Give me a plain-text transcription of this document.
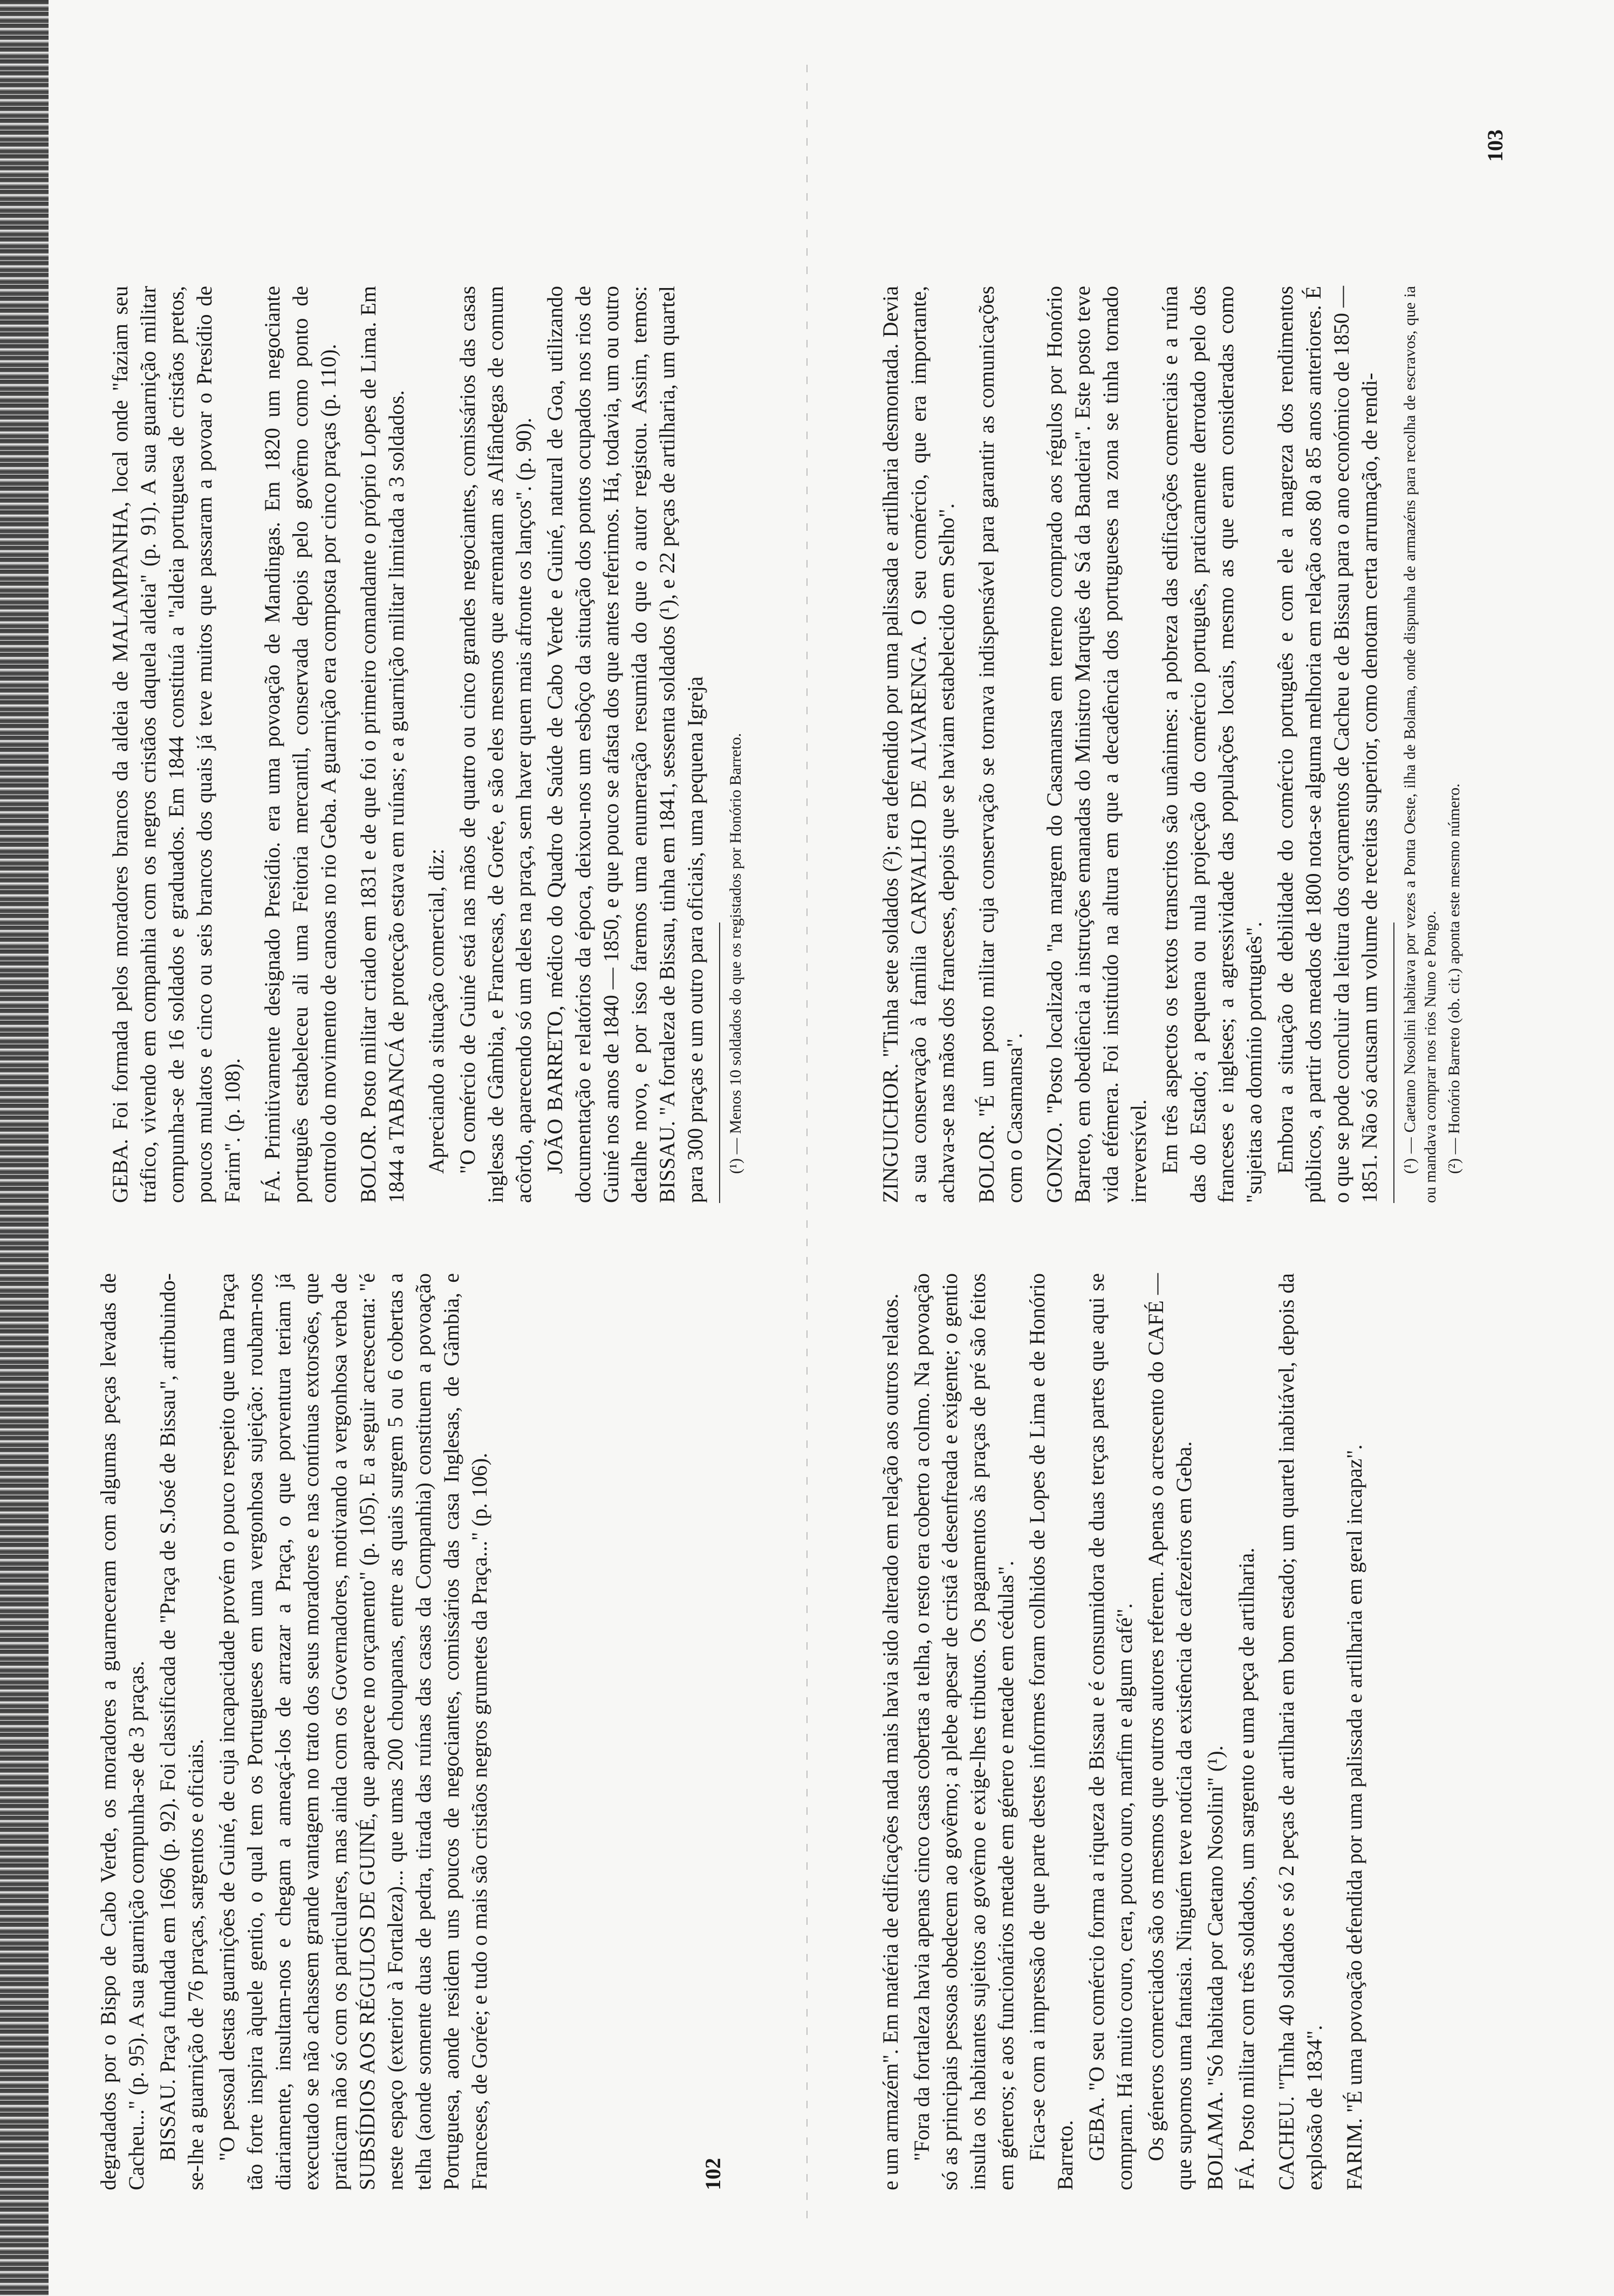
degradados por o Bispo de Cabo Verde, os moradores a guarneceram com algumas peças levadas de Cacheu..." (p. 95). A sua guarnição compunha-se de 3 praças. BISSAU. Praça fundada em 1696 (p. 92). Foi classificada de "Praça de S.José de Bissau", atribuindo-se-lhe a guarnição de 76 praças, sargentos e oficiais. "O pessoal destas guarnições de Guiné, de cuja incapacidade provém o pouco respeito que uma Praça tão forte inspira àquele gentio, o qual tem os Portugueses em uma vergonhosa sujeição: roubam-nos diariamente, insultam-nos e chegam a ameaçá-los de arrazar a Praça, o que porventura teriam já executado se não achassem grande vantagem no trato dos seus moradores e nas contínuas extorsões, que praticam não só com os particulares, mas ainda com os Governadores, motivando a vergonhosa verba de SUBSÍDIOS AOS RÉGULOS DE GUINÉ, que aparece no orçamento" (p. 105). E a seguir acrescenta: "é neste espaço (exterior à Fortaleza)... que umas 200 choupanas, entre as quais surgem 5 ou 6 cobertas a telha (aonde somente duas de pedra, tirada das ruínas das casas da Companhia) constituem a povoação Portuguesa, aonde residem uns poucos de negociantes, comissários das casa Inglesas, de Gâmbia, e Franceses, de Gorée; e tudo o mais são cristãos negros grumetes da Praça..." (p. 106).

GEBA. Foi formada pelos moradores brancos da aldeia de MALAMPANHA, local onde "faziam seu tráfico, vivendo em companhia com os negros cristãos daquela aldeia" (p. 91). A sua guarnição militar compunha-se de 16 soldados e graduados. Em 1844 constituía a "aldeia portuguesa de cristãos pretos, poucos mulatos e cinco ou seis brancos dos quais já teve muitos que passaram a povoar o Presídio de Farim". (p. 108). FÁ. Primitivamente designado Presídio. era uma povoação de Mandingas. Em 1820 um negociante português estabeleceu ali uma Feitoria mercantil, conservada depois pelo govêrno como ponto de controlo do movimento de canoas no rio Geba. A guarnição era composta por cinco praças (p. 110). BOLOR. Posto militar criado em 1831 e de que foi o primeiro comandante o próprio Lopes de Lima. Em 1844 a TABANCÁ de protecção estava em ruínas; e a guarnição militar limitada a 3 soldados. Apreciando a situação comercial, diz: "O comércio de Guiné está nas mãos de quatro ou cinco grandes negociantes, comissários das casas inglesas de Gâmbia, e Francesas, de Gorée, e são eles mesmos que arrematam as Alfândegas de comum acôrdo, aparecendo só um deles na praça, sem haver quem mais afronte os lanços". (p. 90). JOÃO BARRETO, médico do Quadro de Saúde de Cabo Verde e Guiné, natural de Goa, utilizando documentação e relatórios da época, deixou-nos um esbôço da situação dos pontos ocupados nos rios de Guiné nos anos de 1840 — 1850, e que pouco se afasta dos que antes referimos. Há, todavia, um ou outro detalhe novo, e por isso faremos uma enumeração resumida do que o autor registou. Assim, temos: BISSAU. "A fortaleza de Bissau, tinha em 1841, sessenta soldados (¹), e 22 peças de artilharia, um quartel para 300 praças e um outro para oficiais, uma pequena Igreja (¹) — Menos 10 soldados do que os registados por Honório Barreto.

102	e um armazém". Em matéria de edificações nada mais havia sido alterado em relação aos outros relatos. "Fora da fortaleza havia apenas cinco casas cobertas a telha, o resto era coberto a colmo. Na povoação só as principais pessoas obedecem ao govêrno; a plebe apesar de cristã é desenfreada e exigente; o gentio insulta os habitantes sujeitos ao govêrno e exige-lhes tributos. Os pagamentos às praças de pré são feitos em géneros; e aos funcionários metade em género e metade em cédulas". Fica-se com a impressão de que parte destes informes foram colhidos de Lopes de Lima e de Honório Barreto. GEBA. "O seu comércio forma a riqueza de Bissau e é consumidora de duas terças partes que aqui se compram. Há muito couro, cera, pouco ouro, marfim e algum café". Os géneros comerciados são os mesmos que outros autores referem. Apenas o acrescento do CAFÉ — que supomos uma fantasia. Ninguém teve notícia da existência de cafezeiros em Geba. BOLAMA. "Só habitada por Caetano Nosolini" (¹). FÁ. Posto militar com três soldados, um sargento e uma peça de artilharia. CACHEU. "Tinha 40 soldados e só 2 peças de artilharia em bom estado; um quartel inabitável, depois da explosão de 1834". FARIM. "É uma povoação defendida por uma palissada e artilharia em geral incapaz".

ZINGUICHOR. "Tinha sete soldados (²); era defendido por uma palissada e artilharia desmontada. Devia a sua conservação à família CARVALHO DE ALVARENGA. O seu comércio, que era importante, achava-se nas mãos dos franceses, depois que se haviam estabelecido em Selho". BOLOR. "É um posto militar cuja conservação se tornava indispensável para garantir as comunicações com o Casamansa". GONZO. "Posto localizado "na margem do Casamansa em terreno comprado aos régulos por Honório Barreto, em obediência a instruções emanadas do Ministro Marquês de Sá da Bandeira". Este posto teve vida efémera. Foi instituído na altura em que a decadência dos portugueses na zona se tinha tornado irreversível. Em três aspectos os textos transcritos são unânimes: a pobreza das edificações comerciais e a ruína das do Estado; a pequena ou nula projecção do comércio português, praticamente derrotado pelo dos franceses e ingleses; a agressividade das populações locais, mesmo as que eram consideradas como "sujeitas ao domínio português". Embora a situação de debilidade do comércio português e com ele a magreza dos rendimentos públicos, a partir dos meados de 1800 nota-se alguma melhoria em relação aos 80 a 85 anos anteriores. É o que se pode concluir da leitura dos orçamentos de Cacheu e de Bissau para o ano económico de 1850 — 1851. Não só acusam um volume de receitas superior, como denotam certa arrumação, de rendi- (¹) — Caetano Nosolini habitava por vezes a Ponta Oeste, ilha de Bolama, onde dispunha de armazéns para recolha de escravos, que ia ou mandava comprar nos rios Nuno e Pongo. (²) — Honório Barreto (ob. cit.) aponta este mesmo número.

103
